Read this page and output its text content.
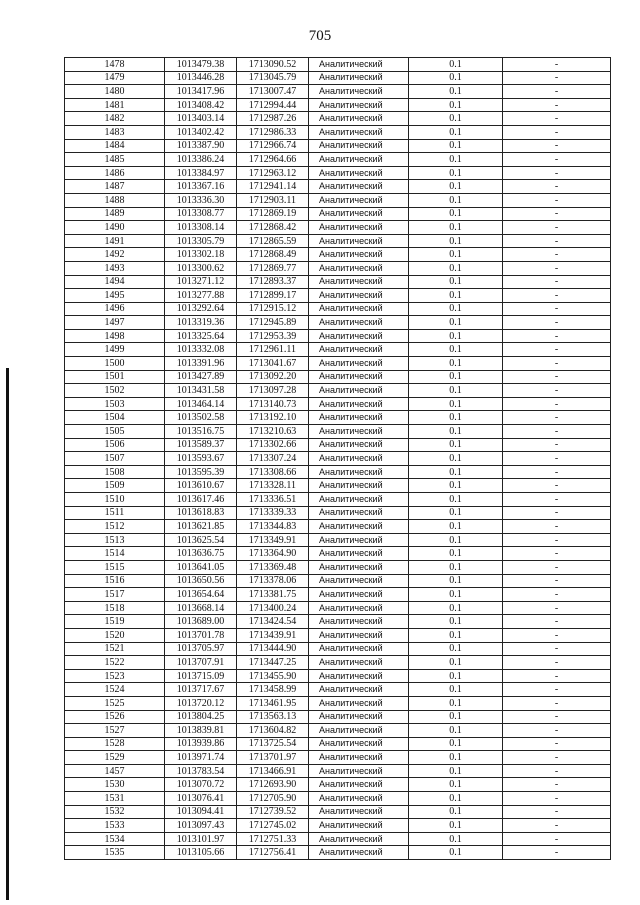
705
1478	1013479.38	1713090.52	Аналитический	0.1	-
1479	1013446.28	1713045.79	Аналитический	0.1	-
1480	1013417.96	1713007.47	Аналитический	0.1	-
1481	1013408.42	1712994.44	Аналитический	0.1	-
1482	1013403.14	1712987.26	Аналитический	0.1	-
1483	1013402.42	1712986.33	Аналитический	0.1	-
1484	1013387.90	1712966.74	Аналитический	0.1	-
1485	1013386.24	1712964.66	Аналитический	0.1	-
1486	1013384.97	1712963.12	Аналитический	0.1	-
1487	1013367.16	1712941.14	Аналитический	0.1	-
1488	1013336.30	1712903.11	Аналитический	0.1	-
1489	1013308.77	1712869.19	Аналитический	0.1	-
1490	1013308.14	1712868.42	Аналитический	0.1	-
1491	1013305.79	1712865.59	Аналитический	0.1	-
1492	1013302.18	1712868.49	Аналитический	0.1	-
1493	1013300.62	1712869.77	Аналитический	0.1	-
1494	1013271.12	1712893.37	Аналитический	0.1	-
1495	1013277.88	1712899.17	Аналитический	0.1	-
1496	1013292.64	1712915.12	Аналитический	0.1	-
1497	1013319.36	1712945.89	Аналитический	0.1	-
1498	1013325.64	1712953.39	Аналитический	0.1	-
1499	1013332.08	1712961.11	Аналитический	0.1	-
1500	1013391.96	1713041.67	Аналитический	0.1	-
1501	1013427.89	1713092.20	Аналитический	0.1	-
1502	1013431.58	1713097.28	Аналитический	0.1	-
1503	1013464.14	1713140.73	Аналитический	0.1	-
1504	1013502.58	1713192.10	Аналитический	0.1	-
1505	1013516.75	1713210.63	Аналитический	0.1	-
1506	1013589.37	1713302.66	Аналитический	0.1	-
1507	1013593.67	1713307.24	Аналитический	0.1	-
1508	1013595.39	1713308.66	Аналитический	0.1	-
1509	1013610.67	1713328.11	Аналитический	0.1	-
1510	1013617.46	1713336.51	Аналитический	0.1	-
1511	1013618.83	1713339.33	Аналитический	0.1	-
1512	1013621.85	1713344.83	Аналитический	0.1	-
1513	1013625.54	1713349.91	Аналитический	0.1	-
1514	1013636.75	1713364.90	Аналитический	0.1	-
1515	1013641.05	1713369.48	Аналитический	0.1	-
1516	1013650.56	1713378.06	Аналитический	0.1	-
1517	1013654.64	1713381.75	Аналитический	0.1	-
1518	1013668.14	1713400.24	Аналитический	0.1	-
1519	1013689.00	1713424.54	Аналитический	0.1	-
1520	1013701.78	1713439.91	Аналитический	0.1	-
1521	1013705.97	1713444.90	Аналитический	0.1	-
1522	1013707.91	1713447.25	Аналитический	0.1	-
1523	1013715.09	1713455.90	Аналитический	0.1	-
1524	1013717.67	1713458.99	Аналитический	0.1	-
1525	1013720.12	1713461.95	Аналитический	0.1	-
1526	1013804.25	1713563.13	Аналитический	0.1	-
1527	1013839.81	1713604.82	Аналитический	0.1	-
1528	1013939.86	1713725.54	Аналитический	0.1	-
1529	1013971.74	1713701.97	Аналитический	0.1	-
1457	1013783.54	1713466.91	Аналитический	0.1	-
1530	1013070.72	1712693.90	Аналитический	0.1	-
1531	1013076.41	1712705.90	Аналитический	0.1	-
1532	1013094.41	1712739.52	Аналитический	0.1	-
1533	1013097.43	1712745.02	Аналитический	0.1	-
1534	1013101.97	1712751.33	Аналитический	0.1	-
1535	1013105.66	1712756.41	Аналитический	0.1	-
